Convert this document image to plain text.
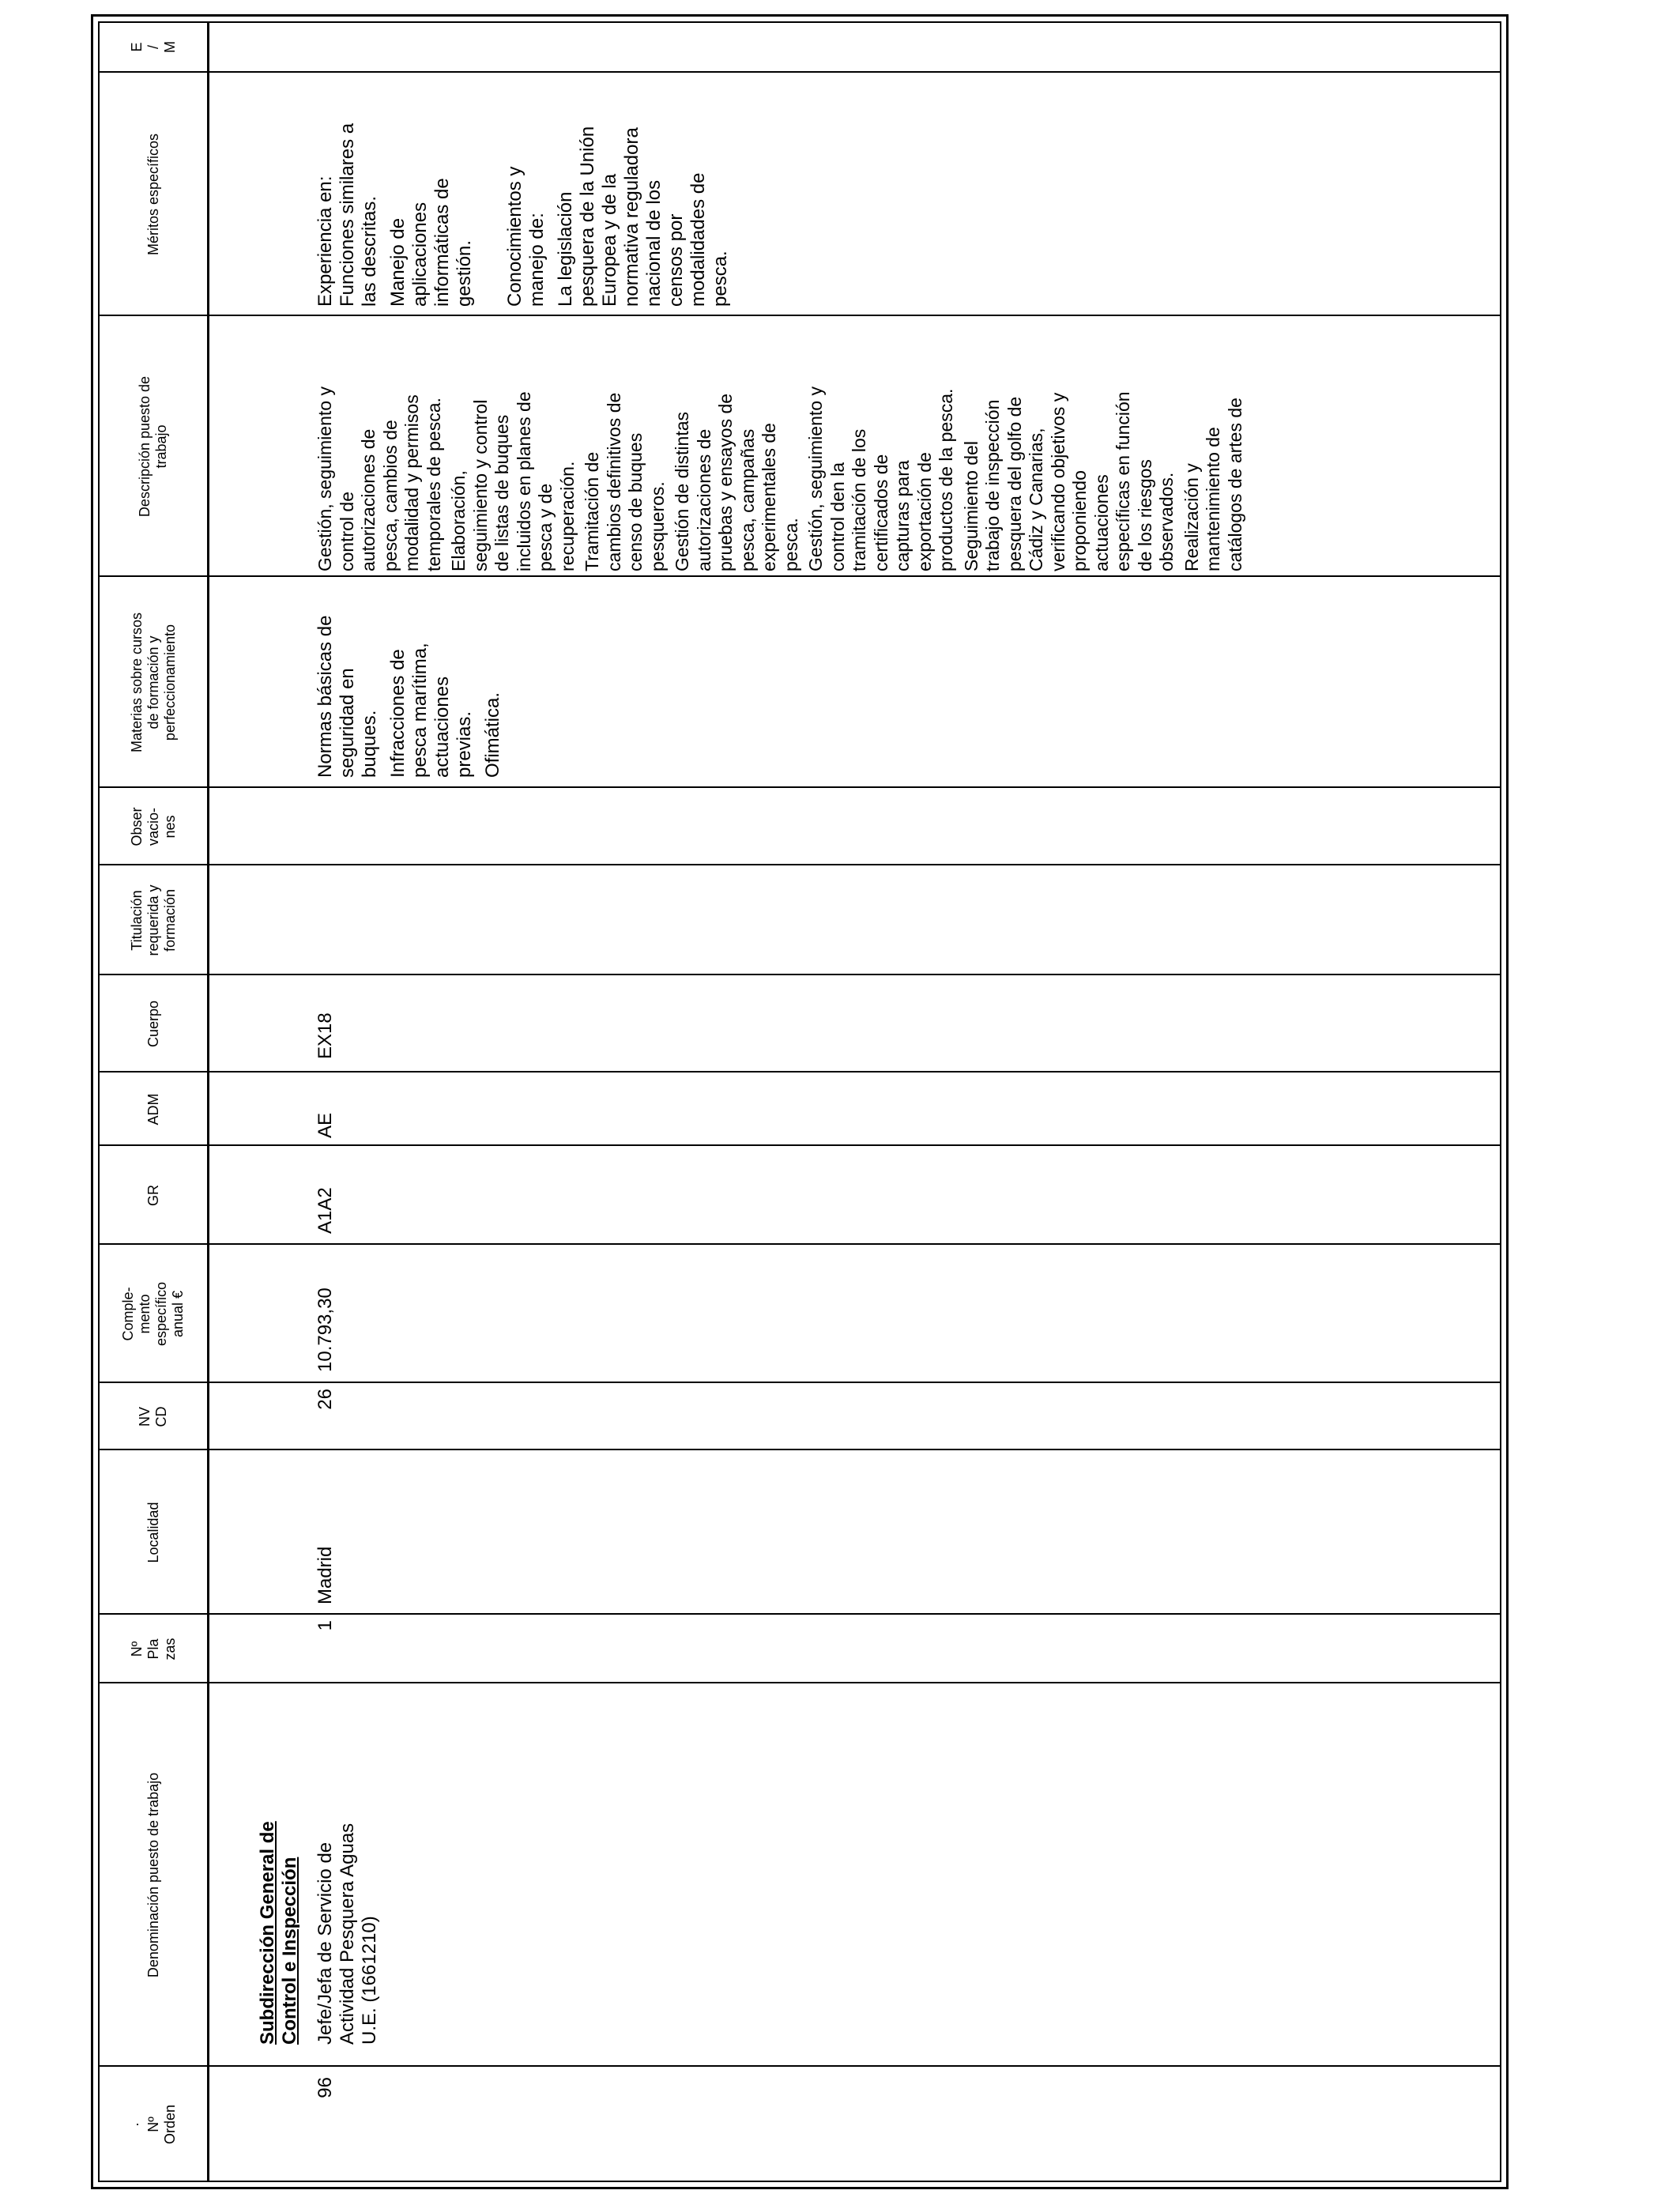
·
Nº
Orden
Denominación puesto de trabajo
Nº
Pla
zas
Localidad
NV
CD
Comple-
mento
específico
anual €
GR
ADM
Cuerpo
Titulación
requerida y
formación
Obser
vacio-
nes
Materias sobre cursos
de formación y
perfeccionamiento
Descripción puesto de
trabajo
Méritos específicos
E
/
M
Subdirección General de
Control e Inspección
96
Jefe/Jefa de Servicio de
Actividad Pesquera Aguas
U.E. (1661210)
1
Madrid
26
10.793,30
A1A2
AE
EX18

Normas básicas de
seguridad en
buques. Infracciones de
pesca marítima,
actuaciones
previas. Ofimática.

Gestión, seguimiento y
control de
autorizaciones de
pesca, cambios de
modalidad y permisos
temporales de pesca.

Elaboración,
seguimiento y control
de listas de buques
incluidos en planes de
pesca y de
recuperación. Tramitación de
cambios definitivos de
censo de buques
pesqueros. Gestión de distintas
autorizaciones de
pruebas y ensayos de
pesca, campañas
experimentales de
pesca. Gestión, seguimiento y
control den la
tramitación de los
certificados de
capturas para
exportación de
productos de la pesca.

Seguimiento del
trabajo de inspección
pesquera del golfo de
Cádiz y Canarias,
verificando objetivos y
proponiendo
actuaciones
específicas en función
de los riesgos
observados. Realización y
mantenimiento de
catálogos de artes de

Experiencia en:
Funciones similares a
las descritas. Manejo de
aplicaciones
informáticas de
gestión. Conocimientos y
manejo de:

La legislación
pesquera de la Unión
Europea y de la
normativa reguladora
nacional de los
censos por
modalidades de
pesca.
